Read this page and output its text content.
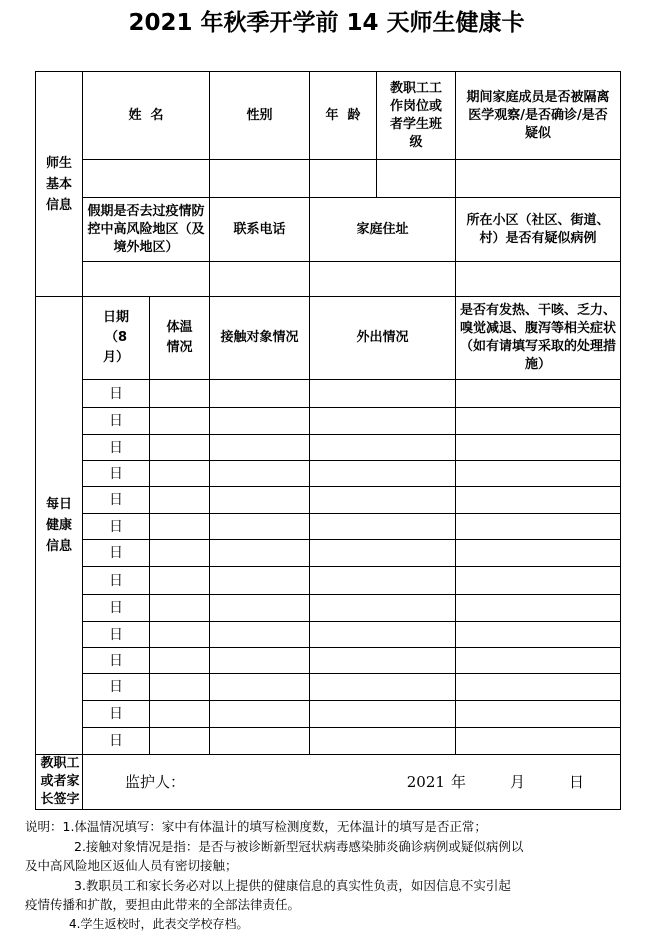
2021 年秋季开学前 14 天师生健康卡
师生基本信息	姓  名		性别	年  龄	教职工工作岗位或者学生班级	期间家庭成员是否被隔离医学观察/是否确诊/是否疑似

	假期是否去过疫情防控中高风险地区（及境外地区）		联系电话	家庭住址		所在小区（社区、街道、村）是否有疑似病例

每日健康信息	日期（8月）	体温情况	接触对象情况	外出情况		是否有发热、干咳、乏力、嗅觉减退、腹泻等相关症状（如有请填写采取的处理措施）

	日					
	日					
	日					
	日					
	日					
	日					
	日					
	日					
	日					
	日					
	日					
	日					
	日					
	日					

教职工或者家长签字	监护人： 2021 年 月 日					

说明：1.体温情况填写：家中有体温计的填写检测度数，无体温计的填写是否正常；

2.接触对象情况是指：是否与被诊断新型冠状病毒感染肺炎确诊病例或疑似病例以

及中高风险地区返仙人员有密切接触；

3.教职员工和家长务必对以上提供的健康信息的真实性负责，如因信息不实引起

疫情传播和扩散，要担由此带来的全部法律责任。

4.学生返校时，此表交学校存档。
